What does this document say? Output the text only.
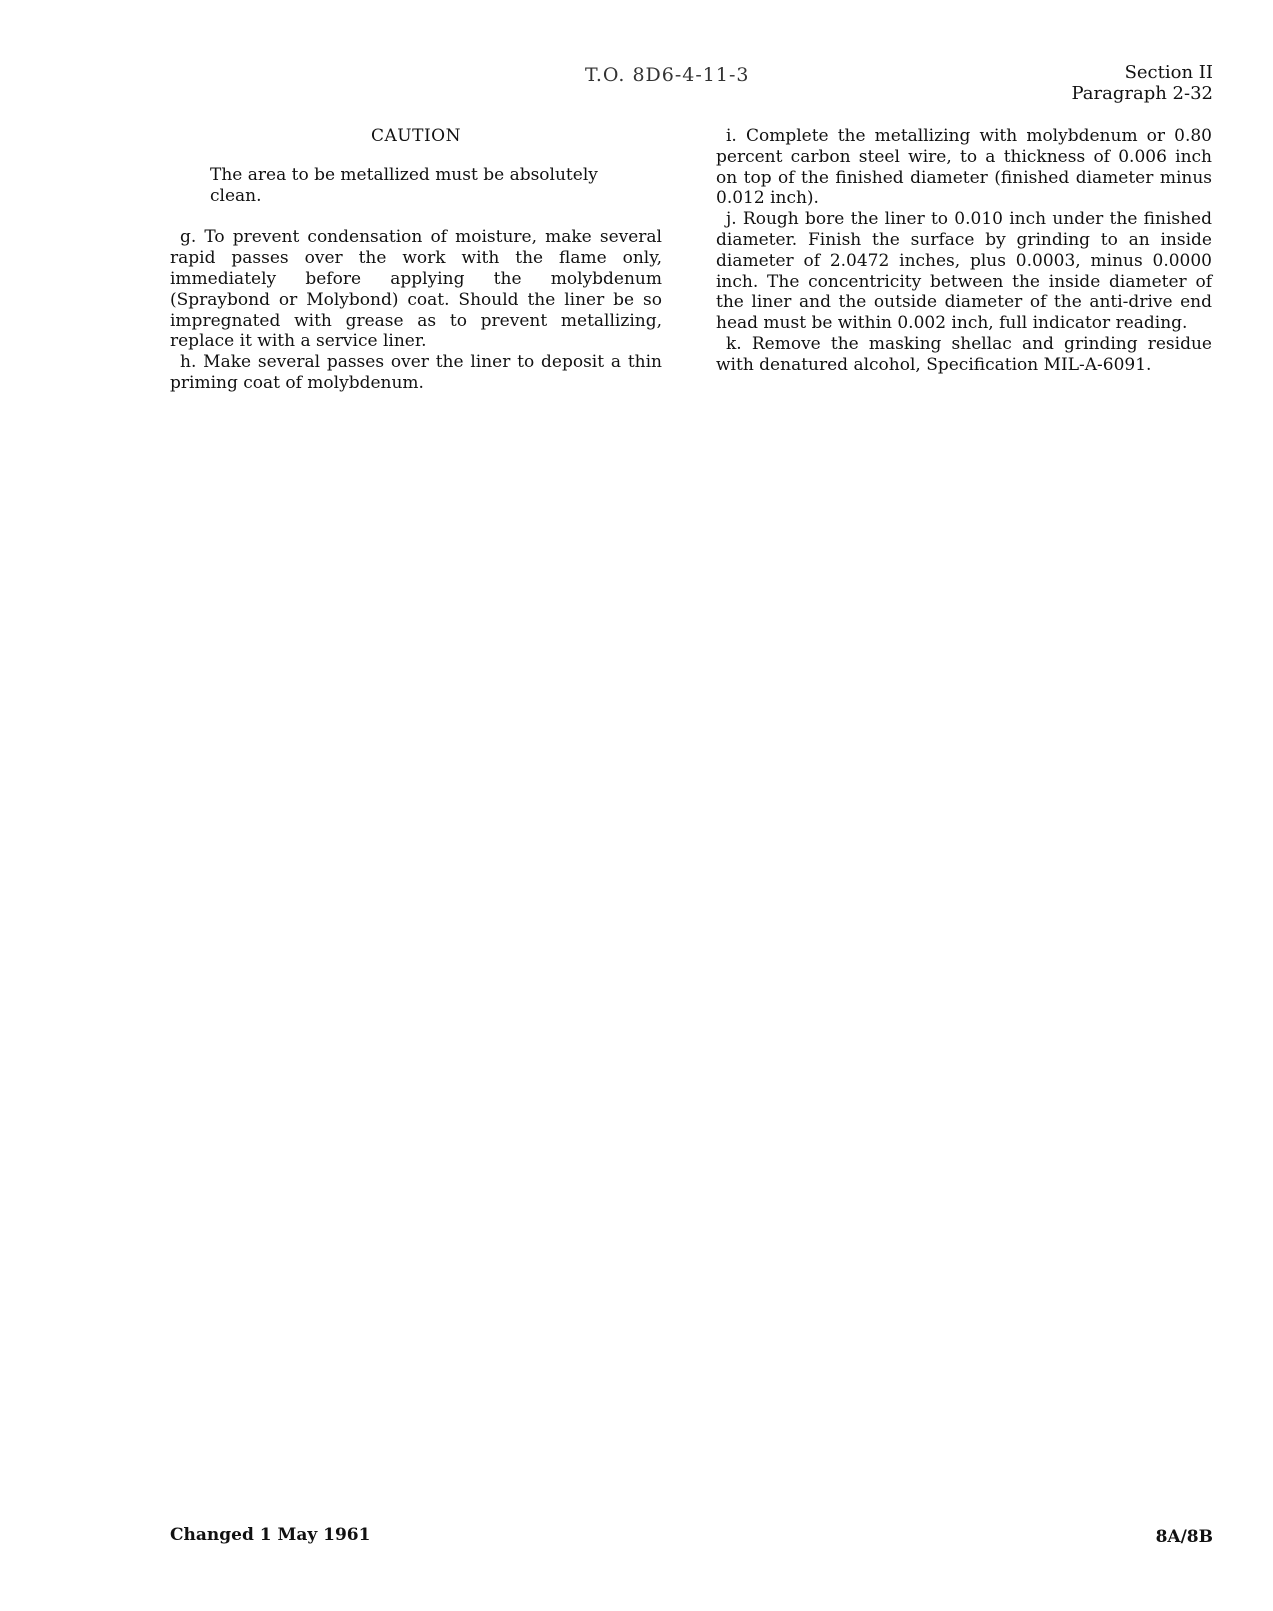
T.O. 8D6-4-11-3	Section II
Paragraph 2-32
CAUTION

The area to be metallized must be absolutely clean.

g. To prevent condensation of moisture, make several rapid passes over the work with the flame only, immediately before applying the molybdenum (Spraybond or Molybond) coat. Should the liner be so impregnated with grease as to prevent metallizing, replace it with a service liner.

h. Make several passes over the liner to deposit a thin priming coat of molybdenum.

i. Complete the metallizing with molybdenum or 0.80 percent carbon steel wire, to a thickness of 0.006 inch on top of the finished diameter (finished diameter minus 0.012 inch).

j. Rough bore the liner to 0.010 inch under the finished diameter. Finish the surface by grinding to an inside diameter of 2.0472 inches, plus 0.0003, minus 0.0000 inch. The concentricity between the inside diameter of the liner and the outside diameter of the anti-drive end head must be within 0.002 inch, full indicator reading.

k. Remove the masking shellac and grinding residue with denatured alcohol, Specification MIL-A-6091.

Changed 1 May 1961	8A/8B
